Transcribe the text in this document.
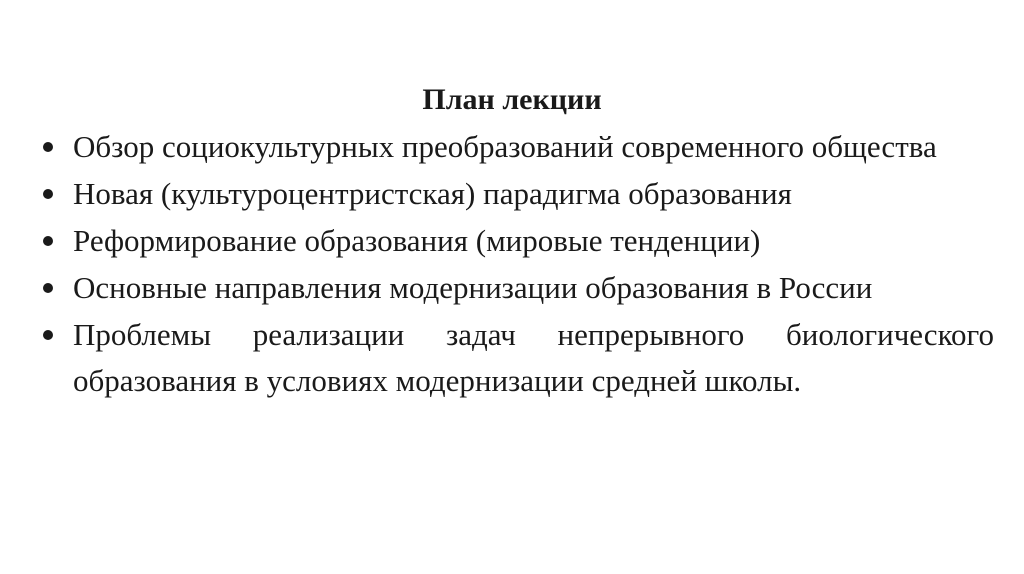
План лекции
Обзор социокультурных преобразований современного общества
Новая (культуроцентристская) парадигма образования
Реформирование образования (мировые тенденции)
Основные направления модернизации образования в России
Проблемы реализации задач непрерывного биологического образования в условиях модернизации средней школы.
